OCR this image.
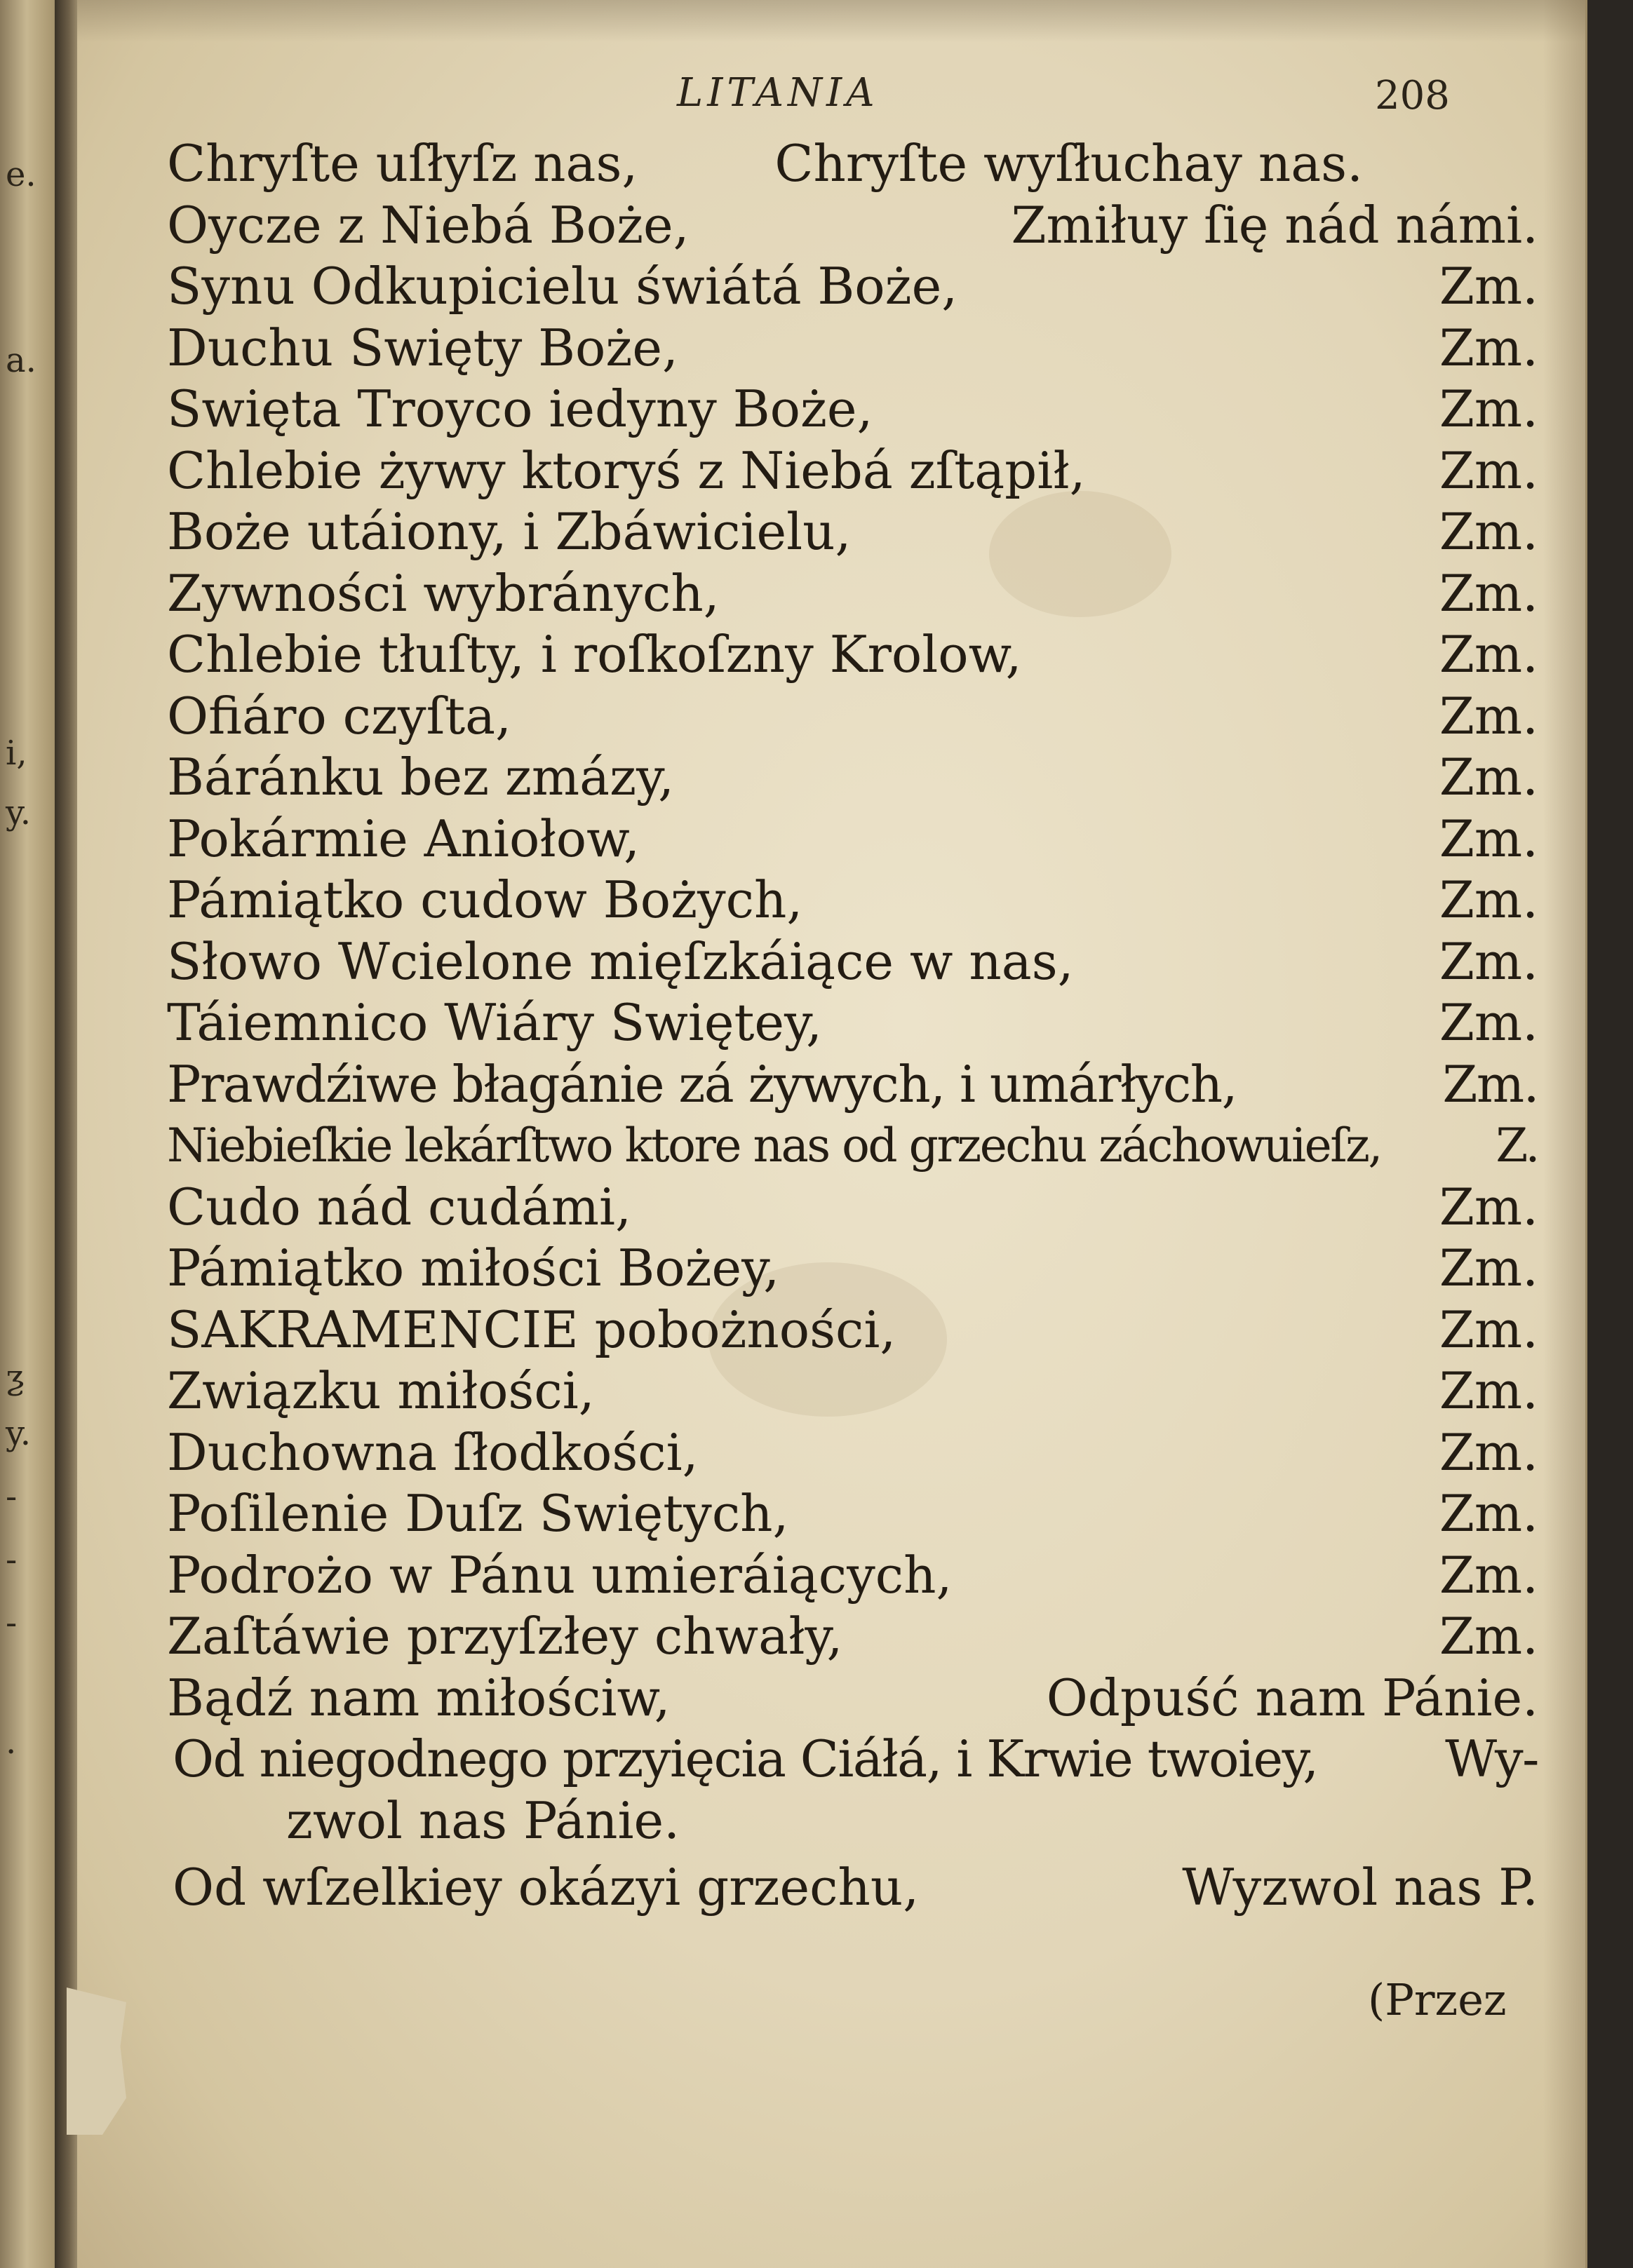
e.
a.
i,
y.
ƺ
y.
-
-
-
.
LITANIA	208
Chryſte uſłyſz nas,	Chryſte wyſłuchay nas.
Oycze z Niebá Boże,	Zmiłuy ſię nád námi.
Synu Odkupicielu świátá Boże,	Zm.
Duchu Swięty Boże,	Zm.
Swięta Troyco iedyny Boże,	Zm.
Chlebie żywy ktoryś z Niebá zſtąpił,	Zm.
Boże utáiony, i Zbáwicielu,	Zm.
Zywności wybránych,	Zm.
Chlebie tłuſty, i roſkoſzny Krolow,	Zm.
Ofiáro czyſta,	Zm.
Báránku bez zmázy,	Zm.
Pokármie Aniołow,	Zm.
Pámiątko cudow Bożych,	Zm.
Słowo Wcielone mięſzkáiące w nas,	Zm.
Táiemnico Wiáry Swiętey,	Zm.
Prawdźiwe błagánie zá żywych, i umárłych,	Zm.
Niebieſkie lekárſtwo ktore nas od grzechu záchowuieſz, Z.
Cudo nád cudámi,	Zm.
Pámiątko miłości Bożey,	Zm.
SAKRAMENCIE pobożności,	Zm.
Związku miłości,	Zm.
Duchowna ſłodkości,	Zm.
Poſilenie Duſz Swiętych,	Zm.
Podrożo w Pánu umieráiących,	Zm.
Zaſtáwie przyſzłey chwały,	Zm.
Bądź nam miłościw,	Odpuść nam Pánie.
Od niegodnego przyięcia Ciáłá, i Krwie twoiey,	Wy-
zwol nas Pánie.
Od wſzelkiey okázyi grzechu,	Wyzwol nas P.
(Przez
